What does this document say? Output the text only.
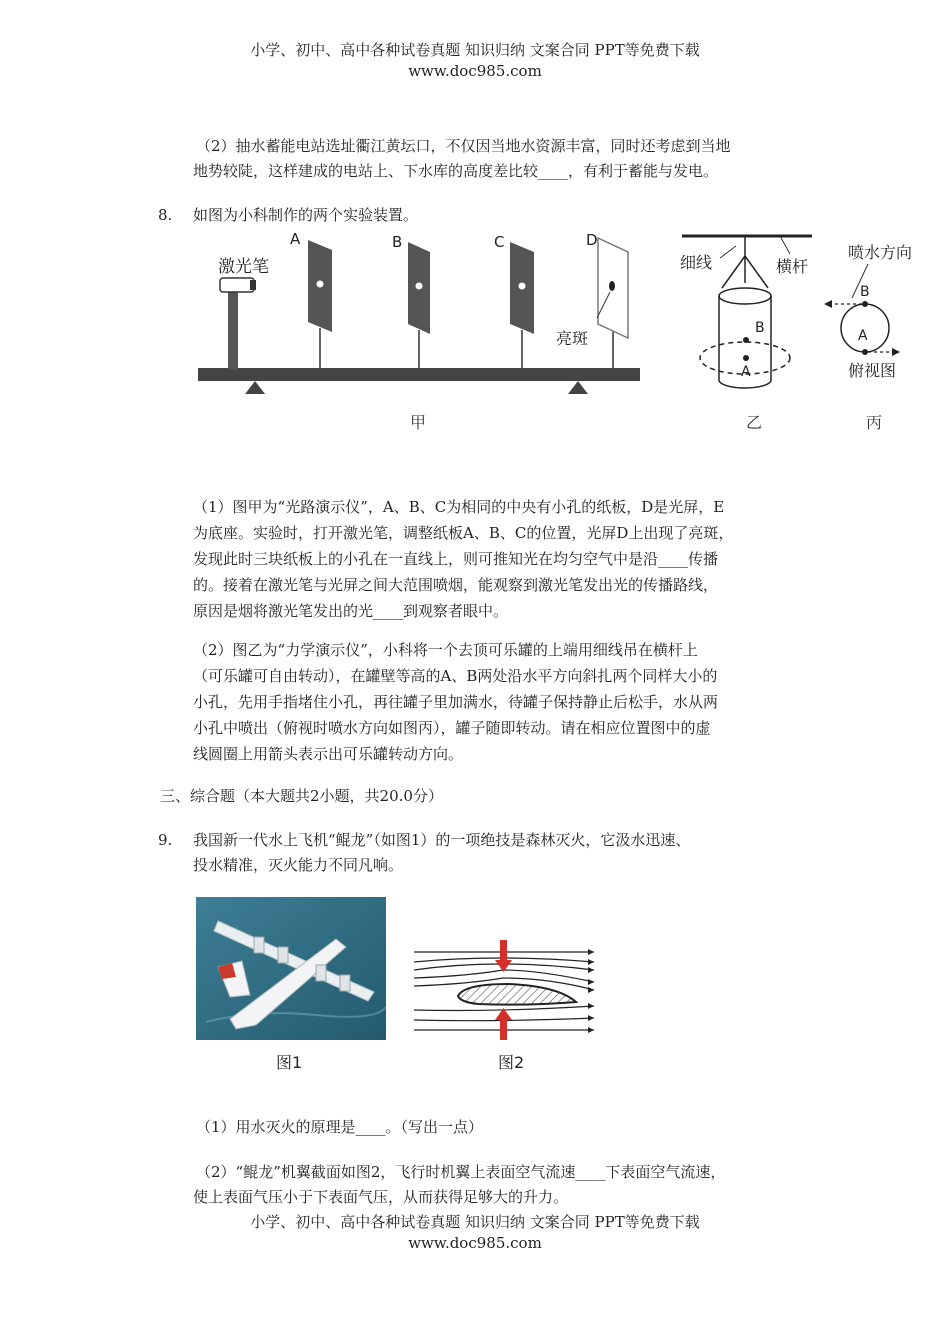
小学、初中、高中各种试卷真题 知识归纳 文案合同 PPT等免费下载
www.doc985.com
（2）抽水蓄能电站选址衢江黄坛口，不仅因当地水资源丰富，同时还考虑到当地
地势较陡，这样建成的电站上、下水库的高度差比较____，有利于蓄能与发电。
8. 如图为小科制作的两个实验装置。
激光笔
A	B	C	D
亮斑
甲
细线	横杆
B
A
乙
喷水方向
B
A
俯视图
丙
（1）图甲为“光路演示仪”，A、B、C为相同的中央有小孔的纸板，D是光屏，E
为底座。实验时，打开激光笔，调整纸板A、B、C的位置，光屏D上出现了亮斑，
发现此时三块纸板上的小孔在一直线上，则可推知光在均匀空气中是沿____传播
的。接着在激光笔与光屏之间大范围喷烟，能观察到激光笔发出光的传播路线，
原因是烟将激光笔发出的光____到观察者眼中。
（2）图乙为“力学演示仪”，小科将一个去顶可乐罐的上端用细线吊在横杆上
（可乐罐可自由转动），在罐壁等高的A、B两处沿水平方向斜扎两个同样大小的
小孔，先用手指堵住小孔，再往罐子里加满水，待罐子保持静止后松手，水从两
小孔中喷出（俯视时喷水方向如图丙），罐子随即转动。请在相应位置图中的虚
线圆圈上用箭头表示出可乐罐转动方向。
三、综合题（本大题共2小题，共20.0分）
9. 我国新一代水上飞机“鲲龙”（如图1）的一项绝技是森林灭火，它汲水迅速、
投水精准，灭火能力不同凡响。
图1	图2
（1）用水灭火的原理是____。（写出一点）
（2）“鲲龙”机翼截面如图2，飞行时机翼上表面空气流速____下表面空气流速，
使上表面气压小于下表面气压，从而获得足够大的升力。
小学、初中、高中各种试卷真题 知识归纳 文案合同 PPT等免费下载
www.doc985.com
